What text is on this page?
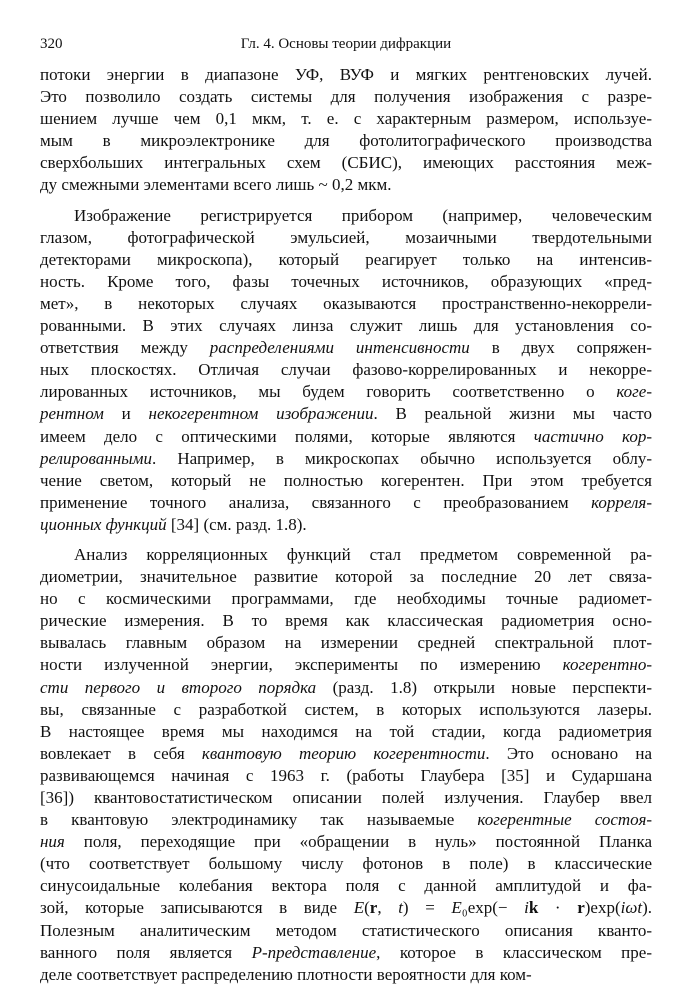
320	Гл. 4. Основы теории дифракции
потоки энергии в диапазоне УФ, ВУФ и мягких рентгеновских лучей.
Это позволило создать системы для получения изображения с разре-
шением лучше чем 0,1 мкм, т. е. с характерным размером, используе-
мым в микроэлектронике для фотолитографического производства
сверхбольших интегральных схем (СБИС), имеющих расстояния меж-
ду смежными элементами всего лишь ~ 0,2 мкм.
Изображение регистрируется прибором (например, человеческим
глазом, фотографической эмульсией, мозаичными твердотельными
детекторами микроскопа), который реагирует только на интенсив-
ность. Кроме того, фазы точечных источников, образующих «пред-
мет», в некоторых случаях оказываются пространственно-некоррели-
рованными. В этих случаях линза служит лишь для установления со-
ответствия между распределениями интенсивности в двух сопряжен-
ных плоскостях. Отличая случаи фазово-коррелированных и некорре-
лированных источников, мы будем говорить соответственно о когe-
рентном и некогерентном изображении. В реальной жизни мы часто
имеем дело с оптическими полями, которые являются частично кор-
релированными. Например, в микроскопах обычно используется облу-
чение светом, который не полностью когерентен. При этом требуется
применение точного анализа, связанного с преобразованием корреля-
ционных функций [34] (см. разд. 1.8).
Анализ корреляционных функций стал предметом современной ра-
диометрии, значительное развитие которой за последние 20 лет связа-
но с космическими программами, где необходимы точные радиомет-
рические измерения. В то время как классическая радиометрия осно-
вывалась главным образом на измерении средней спектральной плот-
ности излученной энергии, эксперименты по измерению когерентно-
сти первого и второго порядка (разд. 1.8) открыли новые перспекти-
вы, связанные с разработкой систем, в которых используются лазеры.
В настоящее время мы находимся на той стадии, когда радиометрия
вовлекает в себя квантовую теорию когерентности. Это основано на
развивающемся начиная с 1963 г. (работы Глаубера [35] и Сударшана
[36]) квантовостатистическом описании полей излучения. Глаубер ввел
в квантовую электродинамику так называемые когерентные состоя-
ния поля, переходящие при «обращении в нуль» постоянной Планка
(что соответствует большому числу фотонов в поле) в классические
синусоидальные колебания вектора поля с данной амплитудой и фа-
зой, которые записываются в виде E(r, t) = E₀exp(− ik · r)exp(iωt).
Полезным аналитическим методом статистического описания кванто-
ванного поля является P-представление, которое в классическом пре-
деле соответствует распределению плотности вероятности для ком-
